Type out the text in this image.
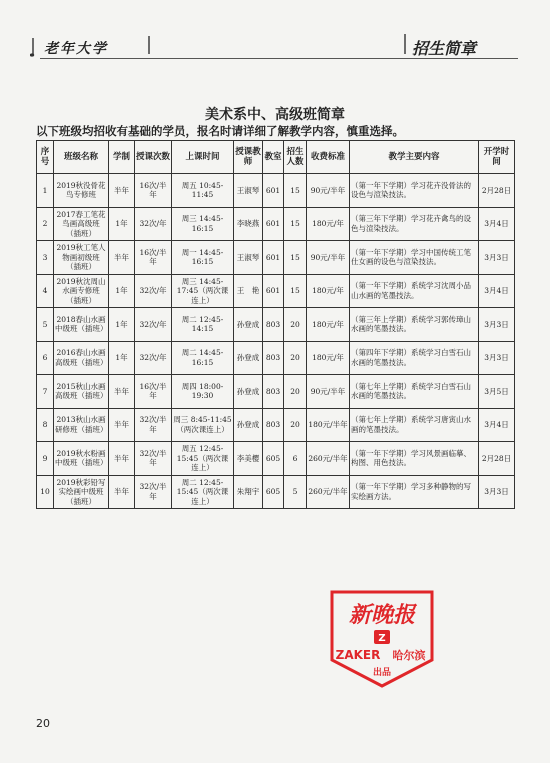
老年大学	招生简章
美术系中、高级班简章
以下班级均招收有基础的学员，报名时请详细了解教学内容，慎重选择。
序号	班级名称	学制	授课次数	上课时间	授课教师	教室	招生人数	收费标准	教学主要内容	开学时间
1	2019秋没骨花鸟专修班	半年	16次/半年	周五 10:45-11:45	王淑琴	601	15	90元/半年	（第一年下学期）学习花卉没骨法的设色与渲染技法。	2月28日
2	2017春工笔花鸟画高级班（插班）	1年	32次/年	周三 14:45-16:15	李晓燕	601	15	180元/年	（第三年下学期）学习花卉禽鸟的设色与渲染技法。	3月4日
3	2019秋工笔人物画初级班（插班）	半年	16次/半年	周一 14:45-16:15	王淑琴	601	15	90元/半年	（第一年下学期）学习中国传统工笔仕女画的设色与渲染技法。	3月3日
4	2019秋沈周山水画专修班（插班）	1年	32次/年	周三 14:45-17:45（两次课连上）	王　艳	601	15	180元/年	（第一年下学期）系统学习沈周小品山水画的笔墨技法。	3月4日
5	2018春山水画中级班（插班）	1年	32次/年	周二 12:45-14:15	孙登成	803	20	180元/年	（第三年上学期）系统学习郭传璋山水画的笔墨技法。	3月3日
6	2016春山水画高级班（插班）	1年	32次/年	周二 14:45-16:15	孙登成	803	20	180元/年	（第四年下学期）系统学习白雪石山水画的笔墨技法。	3月3日
7	2015秋山水画高级班（插班）	半年	16次/半年	周四 18:00-19:30	孙登成	803	20	90元/半年	（第七年上学期）系统学习白雪石山水画的笔墨技法。	3月5日
8	2013秋山水画研修班（插班）	半年	32次/半年	周三 8:45-11:45（两次课连上）	孙登成	803	20	180元/半年	（第七年上学期）系统学习唐寅山水画的笔墨技法。	3月4日
9	2019秋水粉画中级班（插班）	半年	32次/半年	周五 12:45-15:45（两次课连上）	李美樱	605	6	260元/半年	（第一年下学期）学习风景画临摹、构图、用色技法。	2月28日
10	2019秋彩铅写实绘画中级班（插班）	半年	32次/半年	周二 12:45-15:45（两次课连上）	朱翔宇	605	5	260元/半年	（第一年下学期）学习多种静物的写实绘画方法。	3月3日
20
新晚报
Z
ZAKER 哈尔滨
出品
